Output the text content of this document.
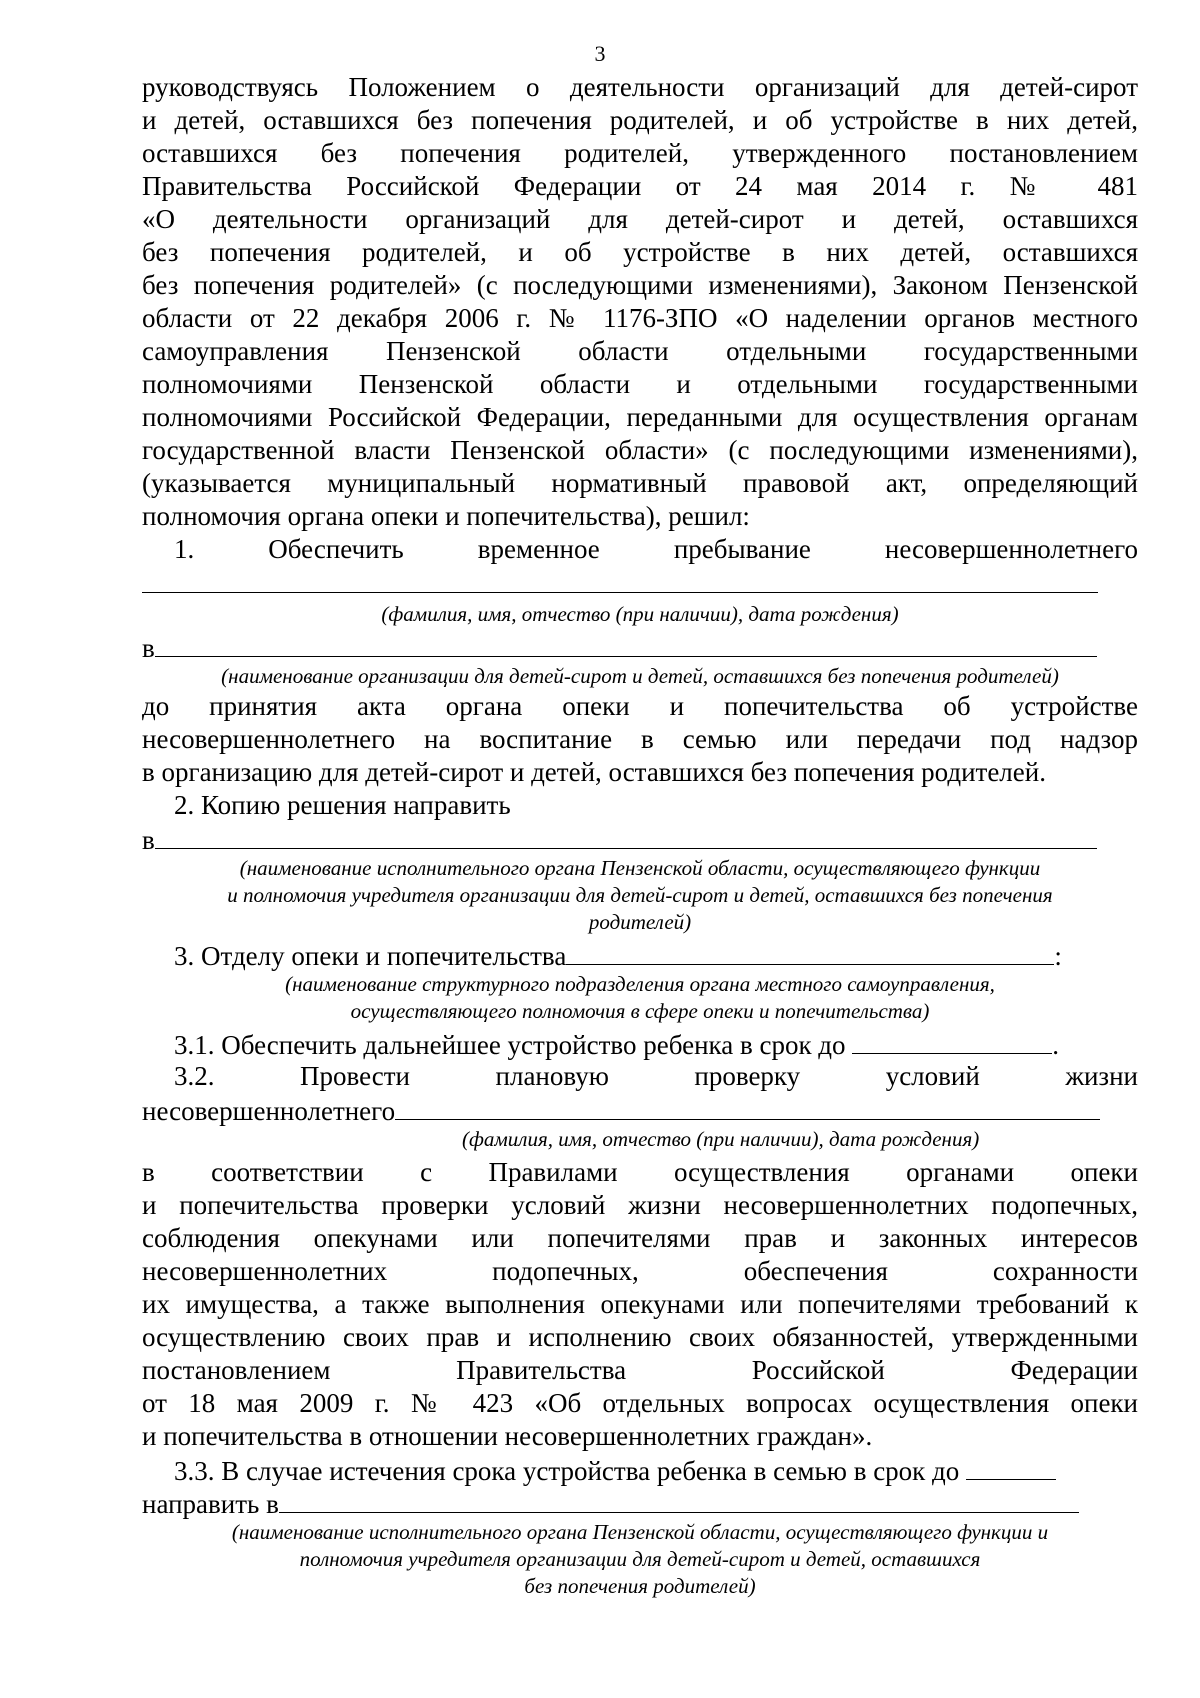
3
руководствуясь Положением о деятельности организаций для детей-сирот
и детей, оставшихся без попечения родителей, и об устройстве в них детей,
оставшихся без попечения родителей, утвержденного постановлением
Правительства Российской Федерации от 24 мая 2014 г. № 481
«О деятельности организаций для детей-сирот и детей, оставшихся
без попечения родителей, и об устройстве в них детей, оставшихся
без попечения родителей» (с последующими изменениями), Законом Пензенской
области от 22 декабря 2006 г. № 1176-ЗПО «О наделении органов местного
самоуправления Пензенской области отдельными государственными
полномочиями Пензенской области и отдельными государственными
полномочиями Российской Федерации, переданными для осуществления органам
государственной власти Пензенской области» (с последующими изменениями),
(указывается муниципальный нормативный правовой акт, определяющий
полномочия органа опеки и попечительства), решил:
1. Обеспечить временное пребывание несовершеннолетнего
(фамилия, имя, отчество (при наличии), дата рождения)
в
(наименование организации для детей-сирот и детей, оставшихся без попечения родителей)
до принятия акта органа опеки и попечительства об устройстве
несовершеннолетнего на воспитание в семью или передачи под надзор
в организацию для детей-сирот и детей, оставшихся без попечения родителей.
2. Копию решения направить
в
(наименование исполнительного органа Пензенской области, осуществляющего функции
и полномочия учредителя организации для детей-сирот и детей, оставшихся без попечения
родителей)
3. Отделу опеки и попечительства	:
(наименование структурного подразделения органа местного самоуправления,
осуществляющего полномочия в сфере опеки и попечительства)
3.1. Обеспечить дальнейшее устройство ребенка в срок до	.
3.2. Провести плановую проверку условий жизни
несовершеннолетнего
(фамилия, имя, отчество (при наличии), дата рождения)
в соответствии с Правилами осуществления органами опеки
и попечительства проверки условий жизни несовершеннолетних подопечных,
соблюдения опекунами или попечителями прав и законных интересов
несовершеннолетних подопечных, обеспечения сохранности
их имущества, а также выполнения опекунами или попечителями требований к
осуществлению своих прав и исполнению своих обязанностей, утвержденными
постановлением Правительства Российской Федерации
от 18 мая 2009 г. № 423 «Об отдельных вопросах осуществления опеки
и попечительства в отношении несовершеннолетних граждан».
3.3. В случае истечения срока устройства ребенка в семью в срок до
направить в
(наименование исполнительного органа Пензенской области, осуществляющего функции и
полномочия учредителя организации для детей-сирот и детей, оставшихся
без попечения родителей)
